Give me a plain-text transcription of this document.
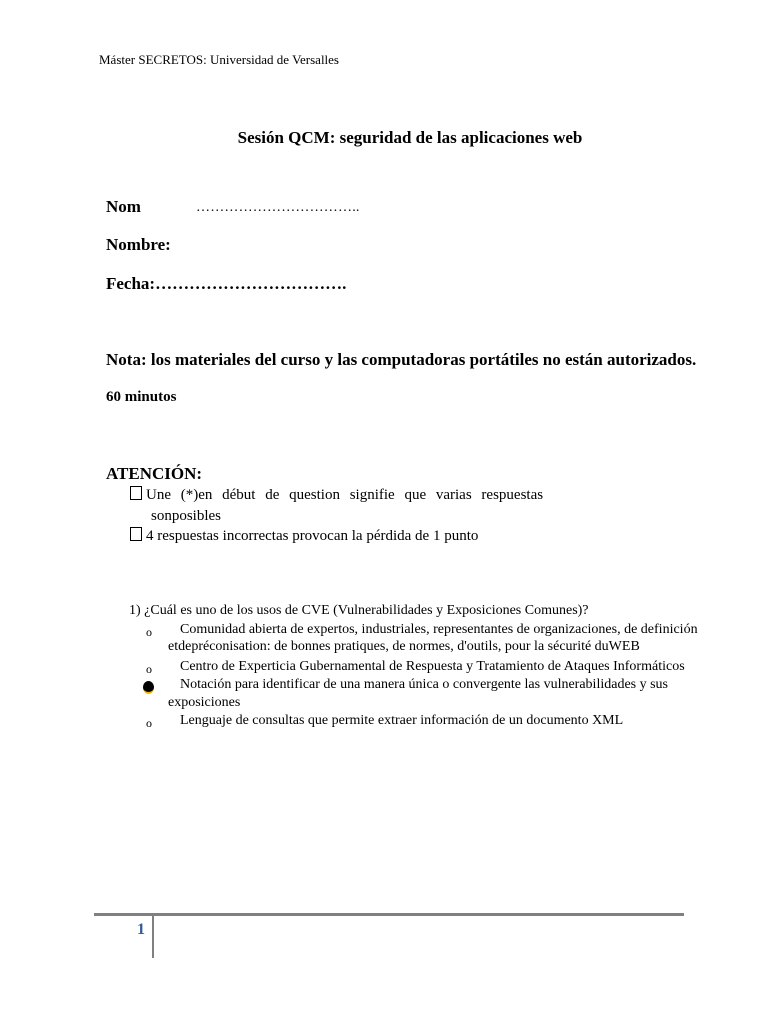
Máster SECRETOS: Universidad de Versalles
Sesión QCM: seguridad de las aplicaciones web
Nom	……………………………..
Nombre:
Fecha:…………………………….
Nota: los materiales del curso y las computadoras portátiles no están autorizados.
60 minutos
ATENCIÓN:
Une (*)en début de question signifie que varias respuestas
sonposibles
4 respuestas incorrectas provocan la pérdida de 1 punto
1) ¿Cuál es uno de los usos de CVE (Vulnerabilidades y Exposiciones Comunes)?
o Comunidad abierta de expertos, industriales, representantes de organizaciones, de definición
etdepréconisation: de bonnes pratiques, de normes, d'outils, pour la sécurité duWEB
o Centro de Experticia Gubernamental de Respuesta y Tratamiento de Ataques Informáticos
Notación para identificar de una manera única o convergente las vulnerabilidades y sus
exposiciones
o Lenguaje de consultas que permite extraer información de un documento XML
1
